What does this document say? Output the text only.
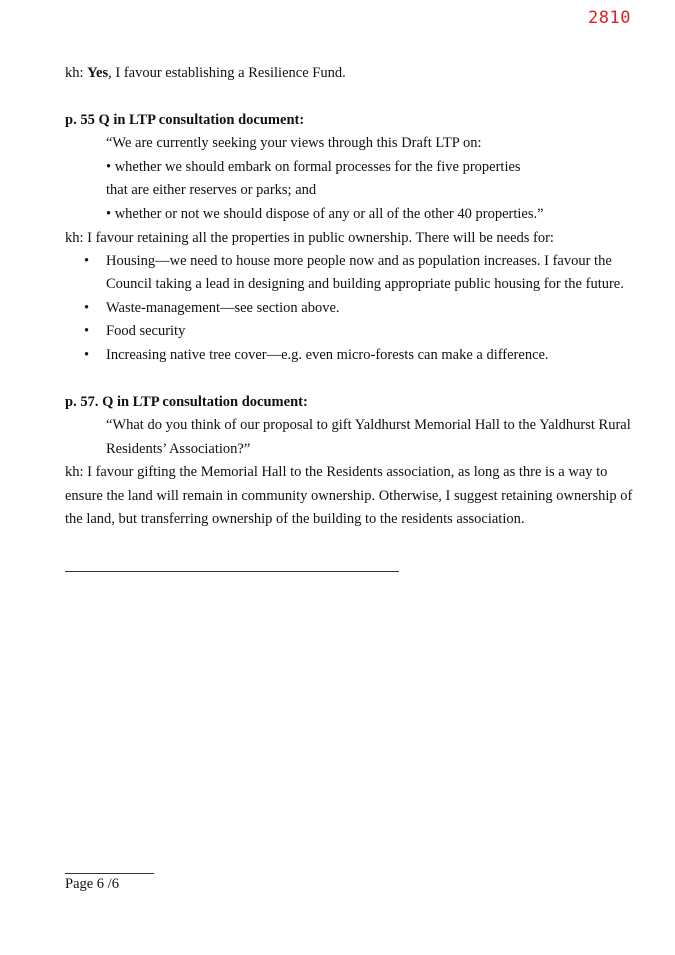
2810
kh: Yes, I favour establishing a Resilience Fund.
p. 55 Q in LTP consultation document:
“We are currently seeking your views through this Draft LTP on:
• whether we should embark on formal processes for the five properties
that are either reserves or parks; and
• whether or not we should dispose of any or all of the other 40 properties.”
kh: I favour retaining all the properties in public ownership. There will be needs for:
• Housing—we need to house more people now and as population increases. I favour the
Council taking a lead in designing and building appropriate public housing for the future.
• Waste-management—see section above.
• Food security
• Increasing native tree cover—e.g. even micro-forests can make a difference.
p. 57. Q in LTP consultation document:
“What do you think of our proposal to gift Yaldhurst Memorial Hall to the Yaldhurst Rural
Residents’ Association?”
kh: I favour gifting the Memorial Hall to the Residents association, as long as thre is a way to
ensure the land will remain in community ownership. Otherwise, I suggest retaining ownership of
the land, but transferring ownership of the building to the residents association.
Page 6 /6
